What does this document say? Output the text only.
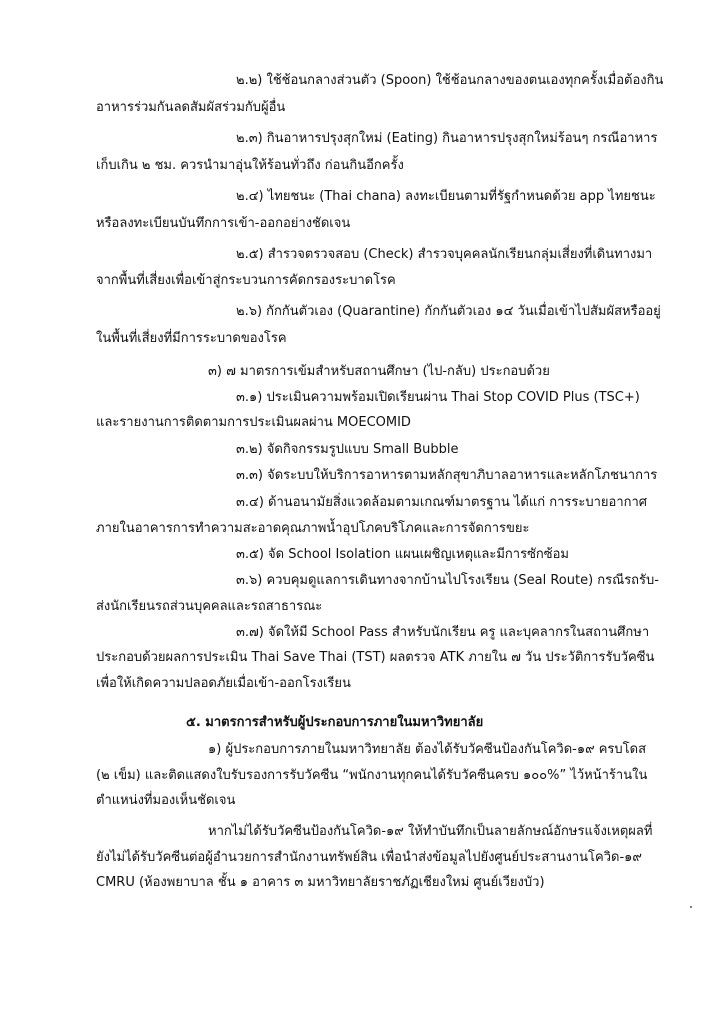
๒.๒) ใช้ช้อนกลางส่วนตัว (Spoon) ใช้ช้อนกลางของตนเองทุกครั้งเมื่อต้องกิน
อาหารร่วมกันลดสัมผัสร่วมกับผู้อื่น
๒.๓) กินอาหารปรุงสุกใหม่ (Eating) กินอาหารปรุงสุกใหม่ร้อนๆ กรณีอาหาร
เก็บเกิน ๒ ชม. ควรนำมาอุ่นให้ร้อนทั่วถึง ก่อนกินอีกครั้ง
๒.๔) ไทยชนะ (Thai chana) ลงทะเบียนตามที่รัฐกำหนดด้วย app ไทยชนะ
หรือลงทะเบียนบันทึกการเข้า-ออกอย่างชัดเจน
๒.๕) สำรวจตรวจสอบ (Check) สำรวจบุคคลนักเรียนกลุ่มเสี่ยงที่เดินทางมา
จากพื้นที่เสี่ยงเพื่อเข้าสู่กระบวนการคัดกรองระบาดโรค
๒.๖) กักกันตัวเอง (Quarantine) กักกันตัวเอง ๑๔ วันเมื่อเข้าไปสัมผัสหรืออยู่
ในพื้นที่เสี่ยงที่มีการระบาดของโรค
๓) ๗ มาตรการเข้มสำหรับสถานศึกษา (ไป-กลับ) ประกอบด้วย
๓.๑) ประเมินความพร้อมเปิดเรียนผ่าน Thai Stop COVID Plus (TSC+)
และรายงานการติดตามการประเมินผลผ่าน MOECOMID
๓.๒) จัดกิจกรรมรูปแบบ Small Bubble
๓.๓) จัดระบบให้บริการอาหารตามหลักสุขาภิบาลอาหารและหลักโภชนาการ
๓.๔) ด้านอนามัยสิ่งแวดล้อมตามเกณฑ์มาตรฐาน ได้แก่ การระบายอากาศ
ภายในอาคารการทำความสะอาดคุณภาพน้ำอุปโภคบริโภคและการจัดการขยะ
๓.๕) จัด School Isolation แผนเผชิญเหตุและมีการซักซ้อม
๓.๖) ควบคุมดูแลการเดินทางจากบ้านไปโรงเรียน (Seal Route) กรณีรถรับ-
ส่งนักเรียนรถส่วนบุคคลและรถสาธารณะ
๓.๗) จัดให้มี School Pass สำหรับนักเรียน ครู และบุคลากรในสถานศึกษา
ประกอบด้วยผลการประเมิน Thai Save Thai (TST) ผลตรวจ ATK ภายใน ๗ วัน ประวัติการรับวัคซีน
เพื่อให้เกิดความปลอดภัยเมื่อเข้า-ออกโรงเรียน
๕. มาตรการสำหรับผู้ประกอบการภายในมหาวิทยาลัย
๑) ผู้ประกอบการภายในมหาวิทยาลัย ต้องได้รับวัคซีนป้องกันโควิด-๑๙ ครบโดส
(๒ เข็ม) และติดแสดงใบรับรองการรับวัคซีน “พนักงานทุกคนได้รับวัคซีนครบ ๑๐๐%” ไว้หน้าร้านใน
ตำแหน่งที่มองเห็นชัดเจน
หากไม่ได้รับวัคซีนป้องกันโควิด-๑๙ ให้ทำบันทึกเป็นลายลักษณ์อักษรแจ้งเหตุผลที่
ยังไม่ได้รับวัคซีนต่อผู้อำนวยการสำนักงานทรัพย์สิน เพื่อนำส่งข้อมูลไปยังศูนย์ประสานงานโควิด-๑๙
CMRU (ห้องพยาบาล ชั้น ๑ อาคาร ๓ มหาวิทยาลัยราชภัฏเชียงใหม่ ศูนย์เวียงบัว)
